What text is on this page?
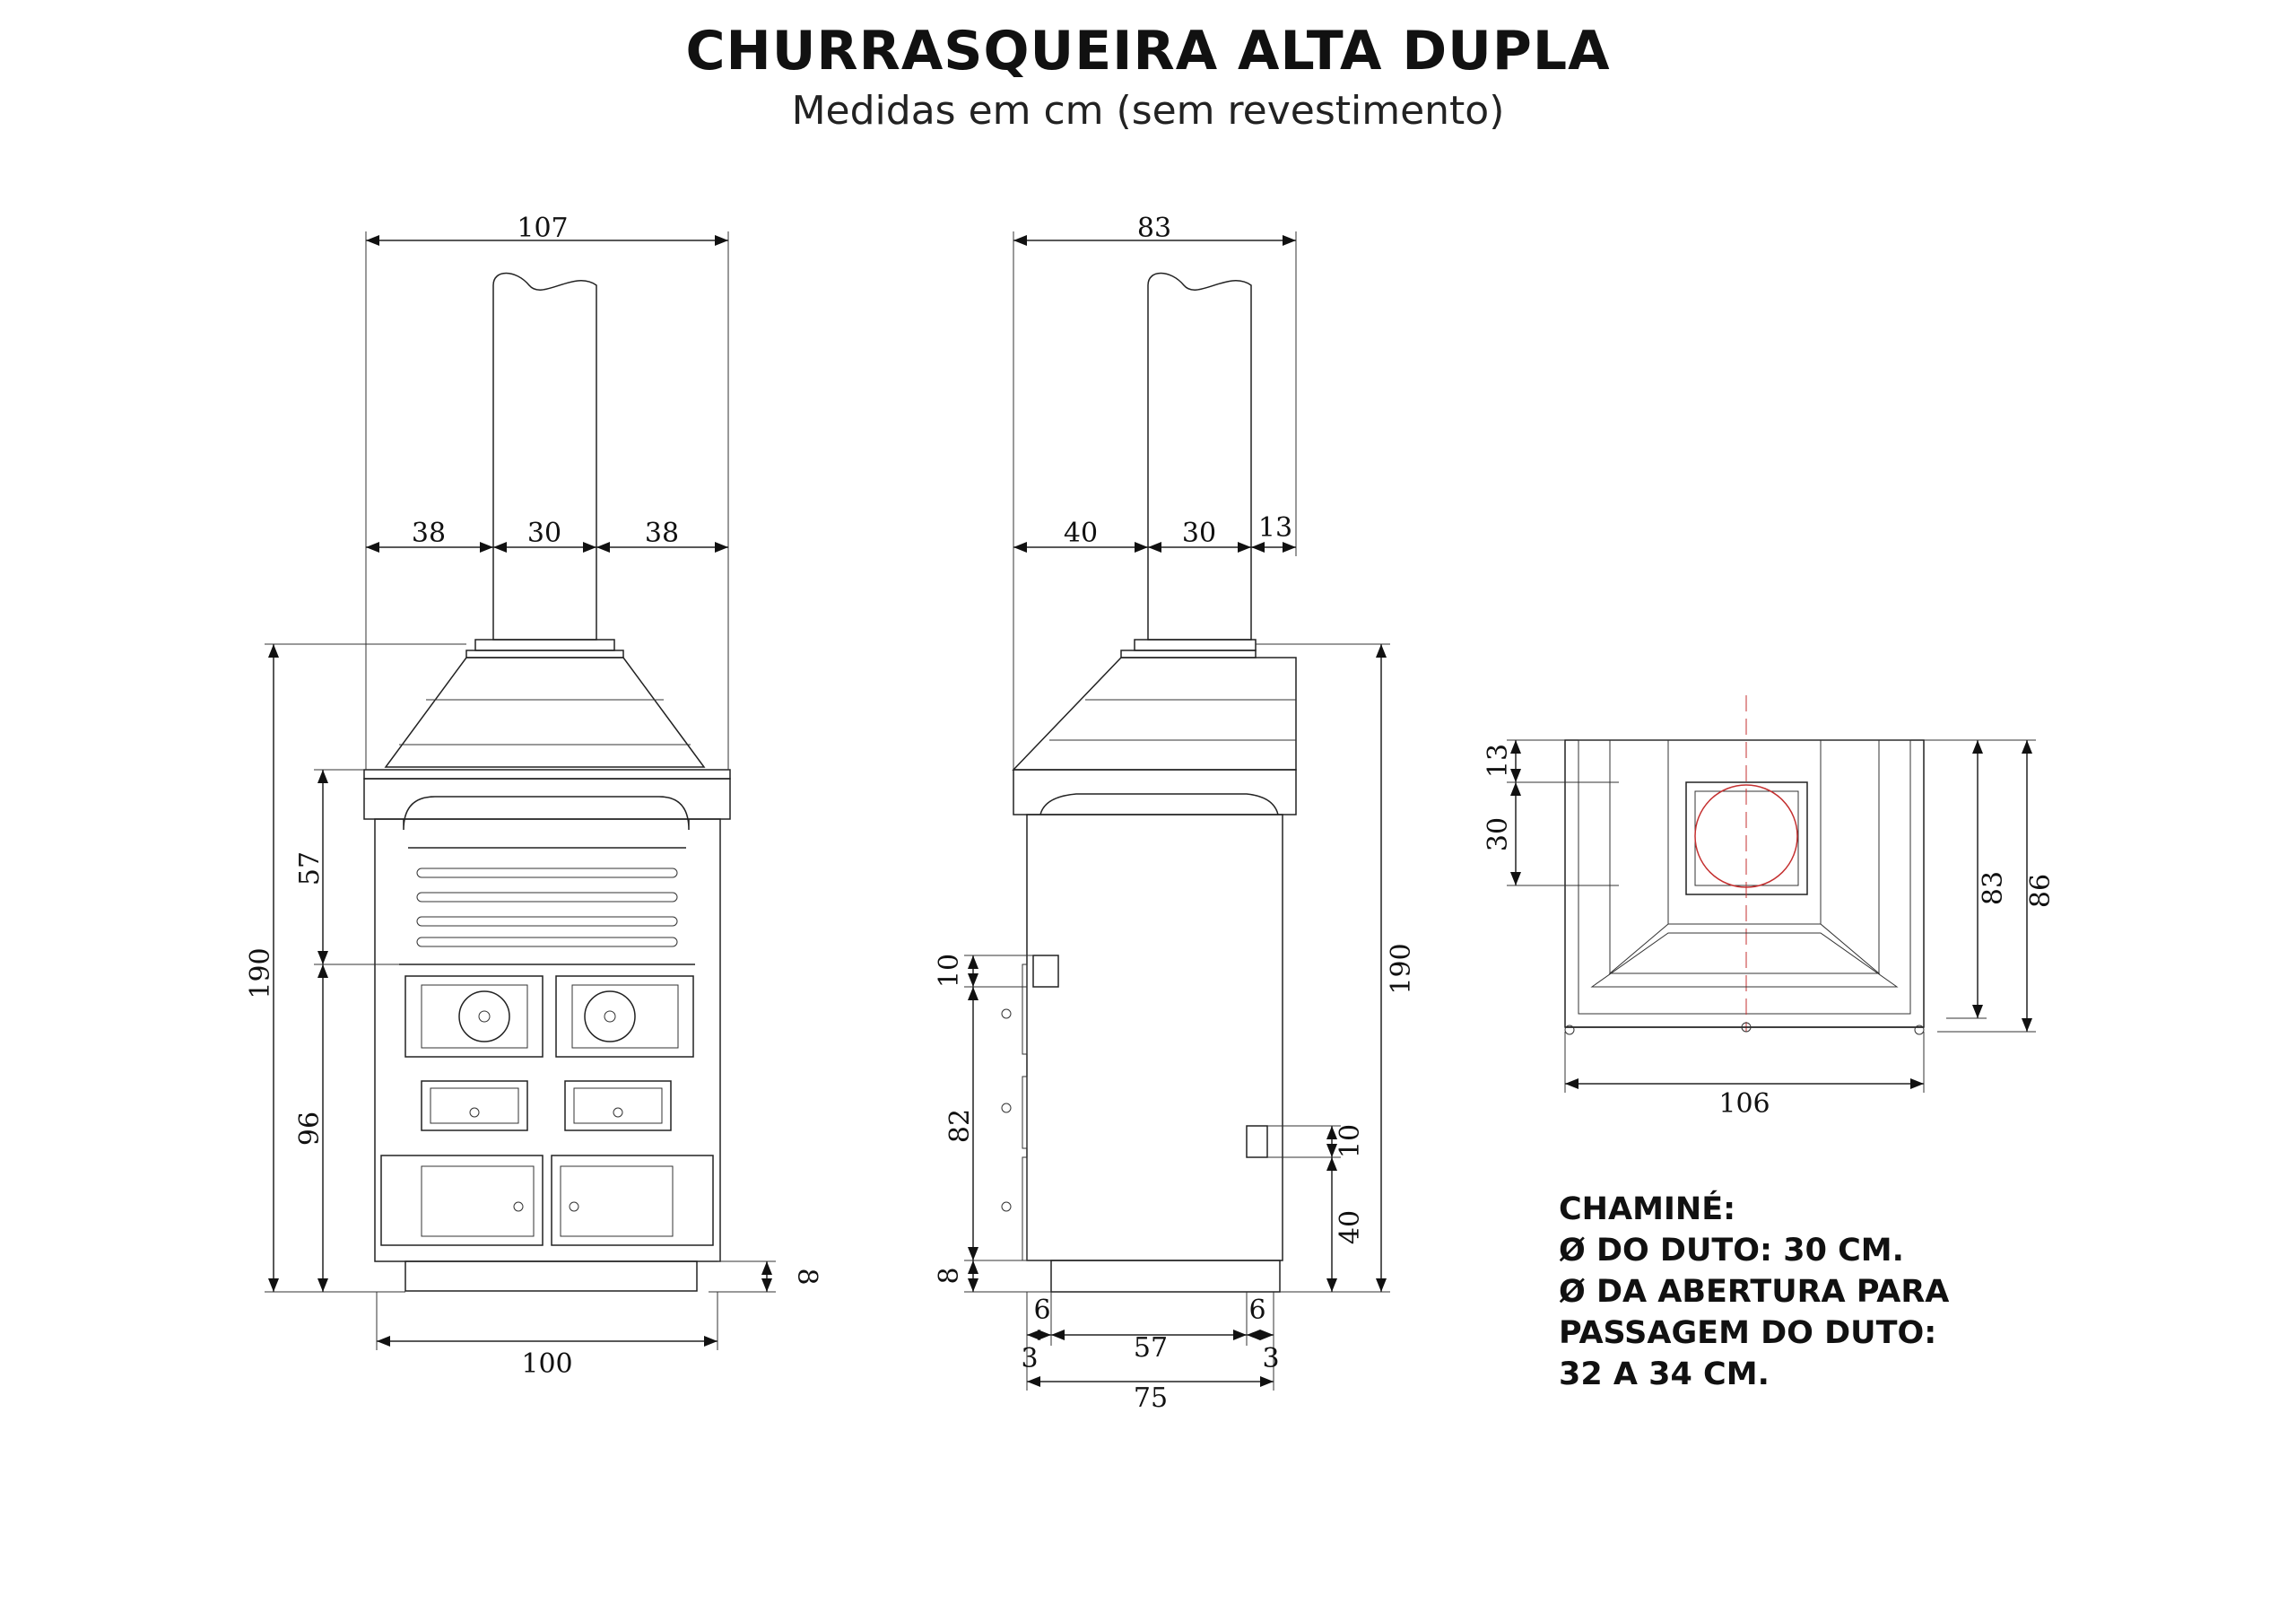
CHURRASQUEIRA ALTA DUPLA
Medidas em cm (sem revestimento)
107
38	30	38
190
57
96
8
100
83
40	30 13
190
10
82
8
10
40
6
57
6
3	3
75
13
30
83 86
106
CHAMINÉ:
Ø DO DUTO: 30 CM.
Ø DA ABERTURA PARA
PASSAGEM DO DUTO:
32 A 34 CM.
